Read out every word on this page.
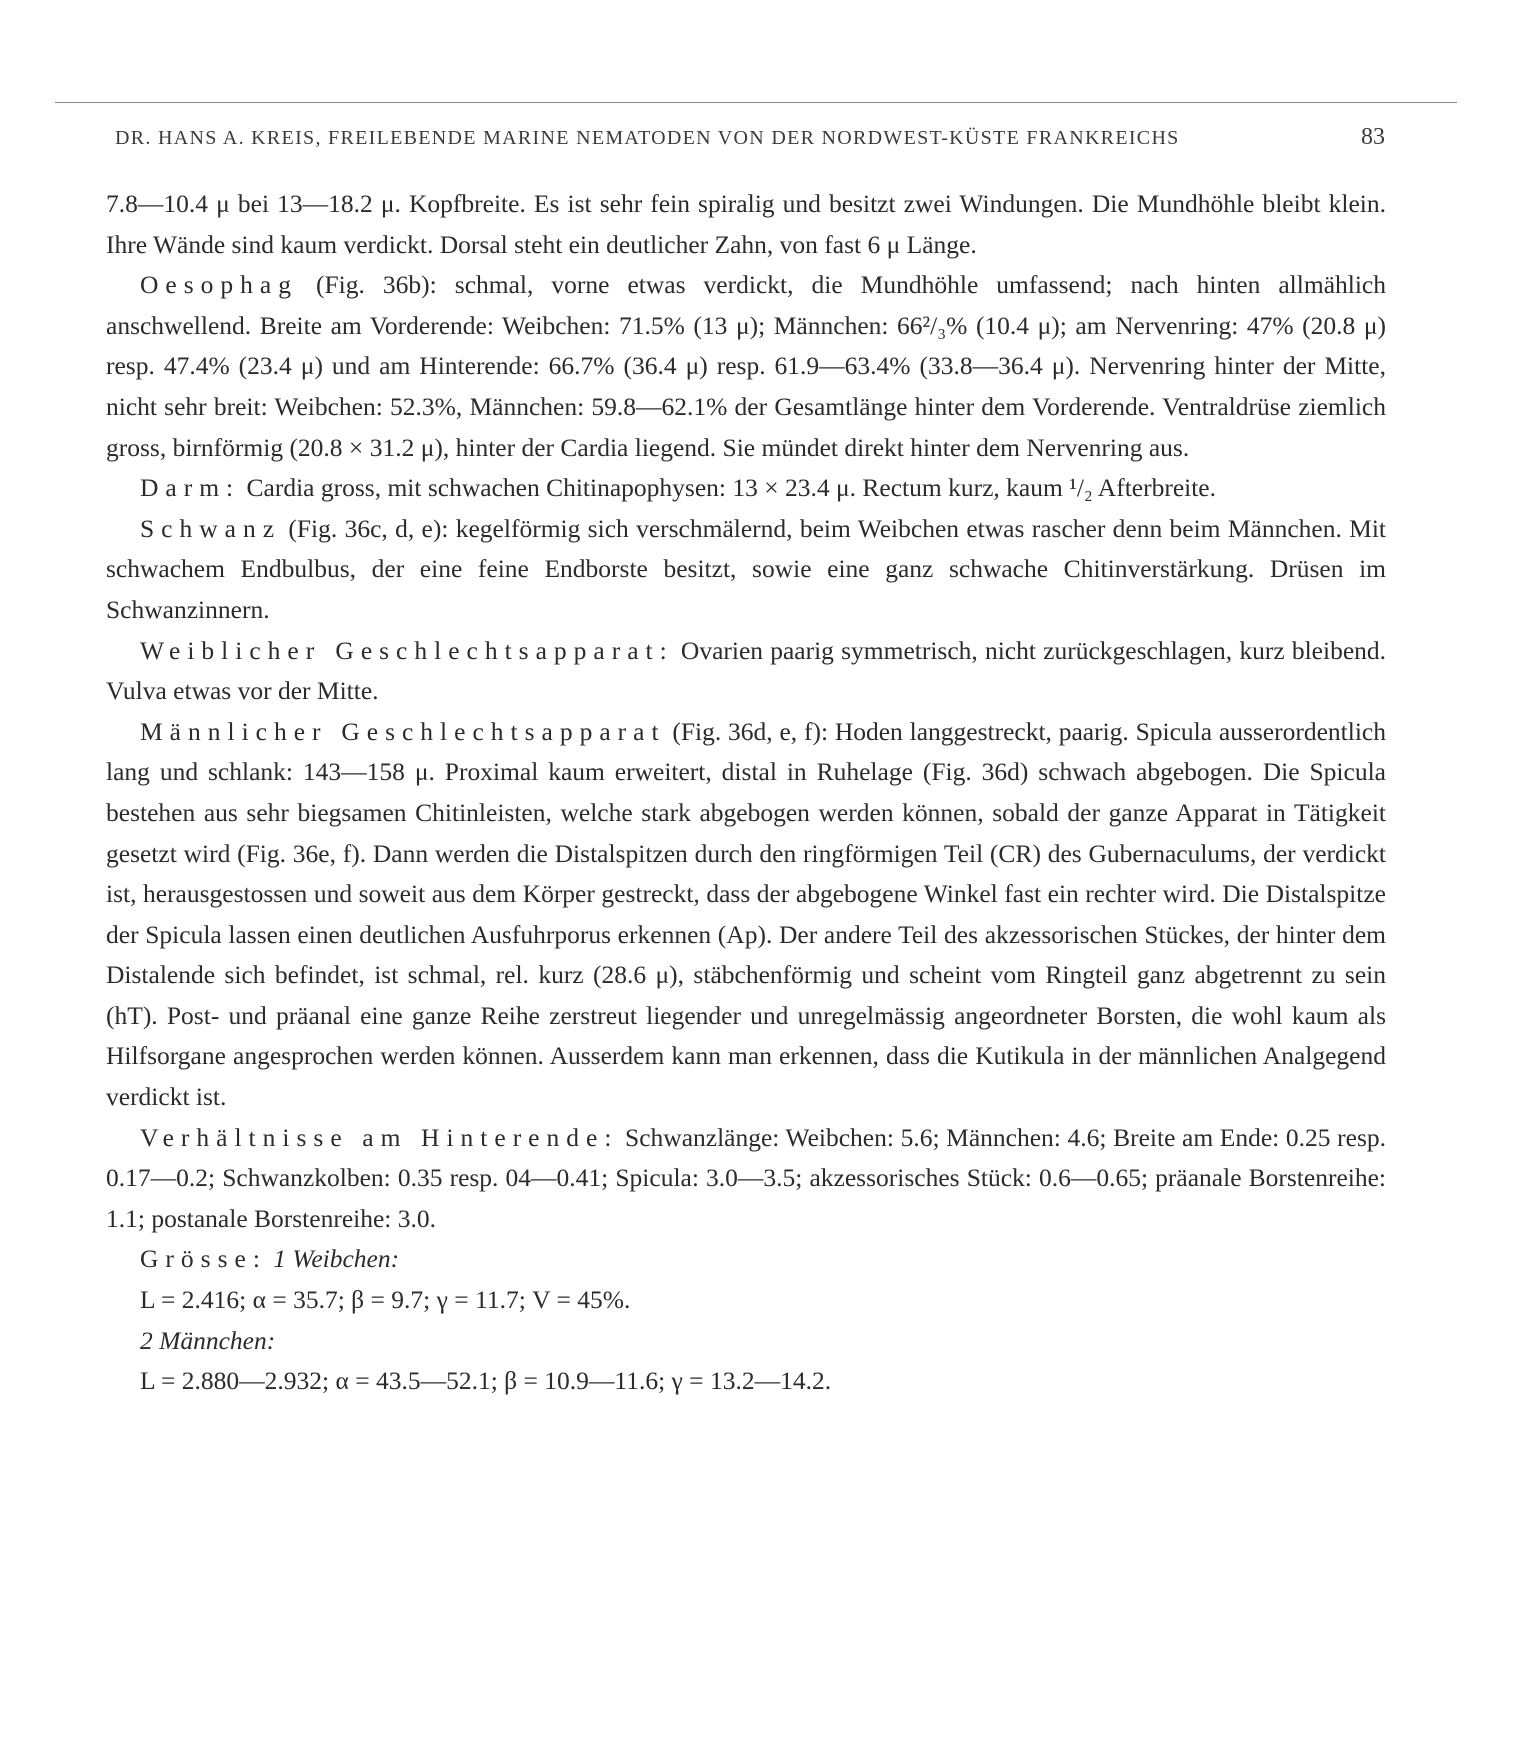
DR. HANS A. KREIS, FREILEBENDE MARINE NEMATODEN VON DER NORDWEST-KÜSTE FRANKREICHS	83

7.8—10.4 μ bei 13—18.2 μ. Kopfbreite. Es ist sehr fein spiralig und besitzt zwei Windungen. Die Mundhöhle bleibt klein. Ihre Wände sind kaum verdickt. Dorsal steht ein deutlicher Zahn, von fast 6 μ Länge.

Oesophag (Fig. 36b): schmal, vorne etwas verdickt, die Mundhöhle umfassend; nach hinten allmählich anschwellend. Breite am Vorderende: Weibchen: 71.5% (13 μ); Männchen: 66²/₃% (10.4 μ); am Nervenring: 47% (20.8 μ) resp. 47.4% (23.4 μ) und am Hinterende: 66.7% (36.4 μ) resp. 61.9—63.4% (33.8—36.4 μ). Nervenring hinter der Mitte, nicht sehr breit: Weibchen: 52.3%, Männchen: 59.8—62.1% der Gesamtlänge hinter dem Vorderende. Ventraldrüse ziemlich gross, birnförmig (20.8 × 31.2 μ), hinter der Cardia liegend. Sie mündet direkt hinter dem Nervenring aus.

Darm: Cardia gross, mit schwachen Chitinapophysen: 13 × 23.4 μ. Rectum kurz, kaum ¹/₂ Afterbreite.

Schwanz (Fig. 36c, d, e): kegelförmig sich verschmälernd, beim Weibchen etwas rascher denn beim Männchen. Mit schwachem Endbulbus, der eine feine Endborste besitzt, sowie eine ganz schwache Chitinverstärkung. Drüsen im Schwanzinnern.

Weiblicher Geschlechtsapparat: Ovarien paarig symmetrisch, nicht zurückgeschlagen, kurz bleibend. Vulva etwas vor der Mitte.

Männlicher Geschlechtsapparat (Fig. 36d, e, f): Hoden langgestreckt, paarig. Spicula ausserordentlich lang und schlank: 143—158 μ. Proximal kaum erweitert, distal in Ruhelage (Fig. 36d) schwach abgebogen. Die Spicula bestehen aus sehr biegsamen Chitinleisten, welche stark abgebogen werden können, sobald der ganze Apparat in Tätigkeit gesetzt wird (Fig. 36e, f). Dann werden die Distalspitzen durch den ringförmigen Teil (CR) des Gubernaculums, der verdickt ist, herausgestossen und soweit aus dem Körper gestreckt, dass der abgebogene Winkel fast ein rechter wird. Die Distalspitze der Spicula lassen einen deutlichen Ausfuhrporus erkennen (Ap). Der andere Teil des akzessorischen Stückes, der hinter dem Distalende sich befindet, ist schmal, rel. kurz (28.6 μ), stäbchenförmig und scheint vom Ringteil ganz abgetrennt zu sein (hT). Post- und präanal eine ganze Reihe zerstreut liegender und unregelmässig angeordneter Borsten, die wohl kaum als Hilfsorgane angesprochen werden können. Ausserdem kann man erkennen, dass die Kutikula in der männlichen Analgegend verdickt ist.

Verhältnisse am Hinterende: Schwanzlänge: Weibchen: 5.6; Männchen: 4.6; Breite am Ende: 0.25 resp. 0.17—0.2; Schwanzkolben: 0.35 resp. 04—0.41; Spicula: 3.0—3.5; akzessorisches Stück: 0.6—0.65; präanale Borstenreihe: 1.1; postanale Borstenreihe: 3.0.

Grösse: 1 Weibchen:

L = 2.416; α = 35.7; β = 9.7; γ = 11.7; V = 45%.

2 Männchen:

L = 2.880—2.932; α = 43.5—52.1; β = 10.9—11.6; γ = 13.2—14.2.
